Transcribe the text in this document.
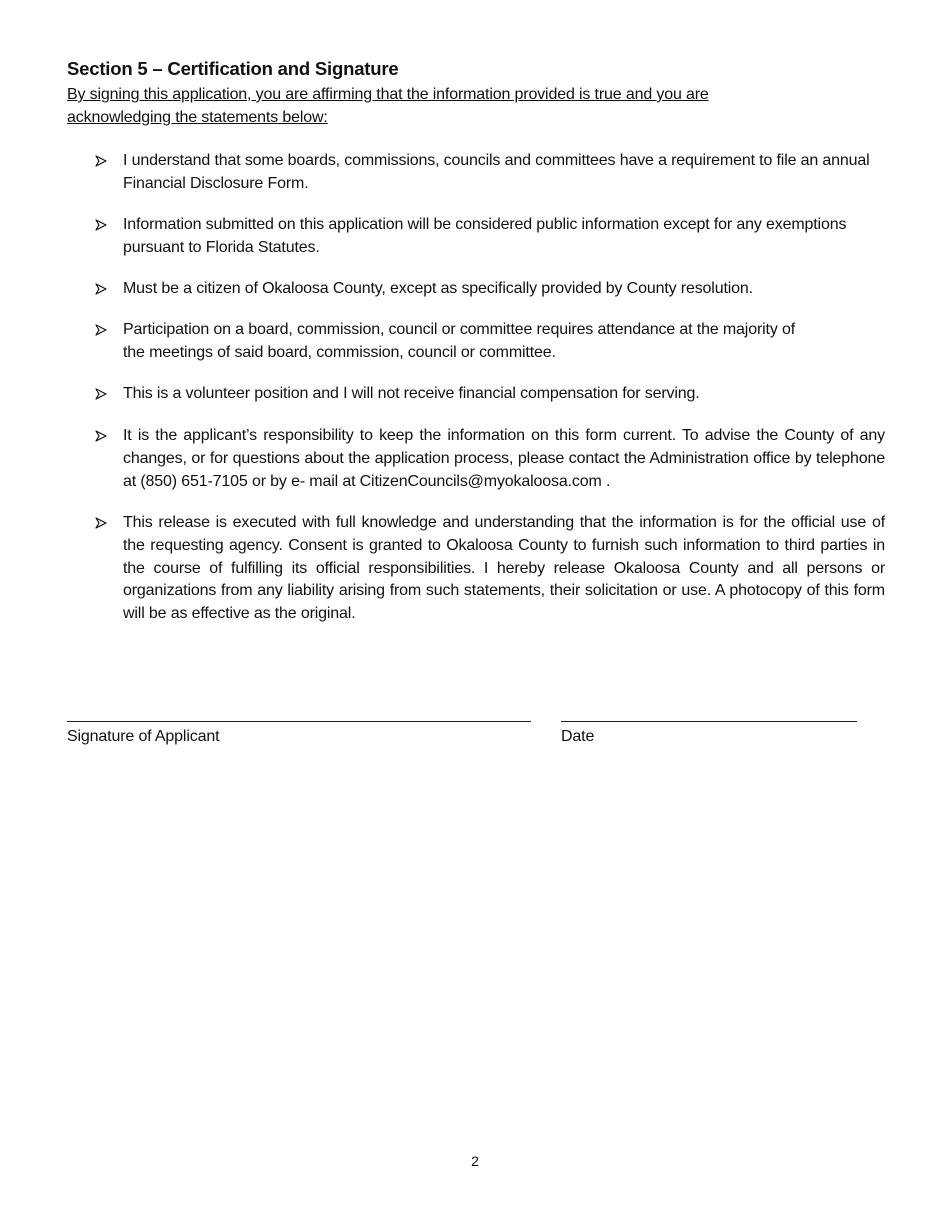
Section 5 – Certification and Signature

By signing this application, you are affirming that the information provided is true and you are acknowledging the statements below:

I understand that some boards, commissions, councils and committees have a requirement to file an annual Financial Disclosure Form.
Information submitted on this application will be considered public information except for any exemptions pursuant to Florida Statutes.
Must be a citizen of Okaloosa County, except as specifically provided by County resolution.
Participation on a board, commission, council or committee requires attendance at the majority of the meetings of said board, commission, council or committee.
This is a volunteer position and I will not receive financial compensation for serving.
It is the applicant’s responsibility to keep the information on this form current. To advise the County of any changes, or for questions about the application process, please contact the Administration office by telephone at (850) 651-7105 or by e- mail at CitizenCouncils@myokaloosa.com .
This release is executed with full knowledge and understanding that the information is for the official use of the requesting agency. Consent is granted to Okaloosa County to furnish such information to third parties in the course of fulfilling its official responsibilities. I hereby release Okaloosa County and all persons or organizations from any liability arising from such statements, their solicitation or use. A photocopy of this form will be as effective as the original.
Signature of Applicant	Date
2
